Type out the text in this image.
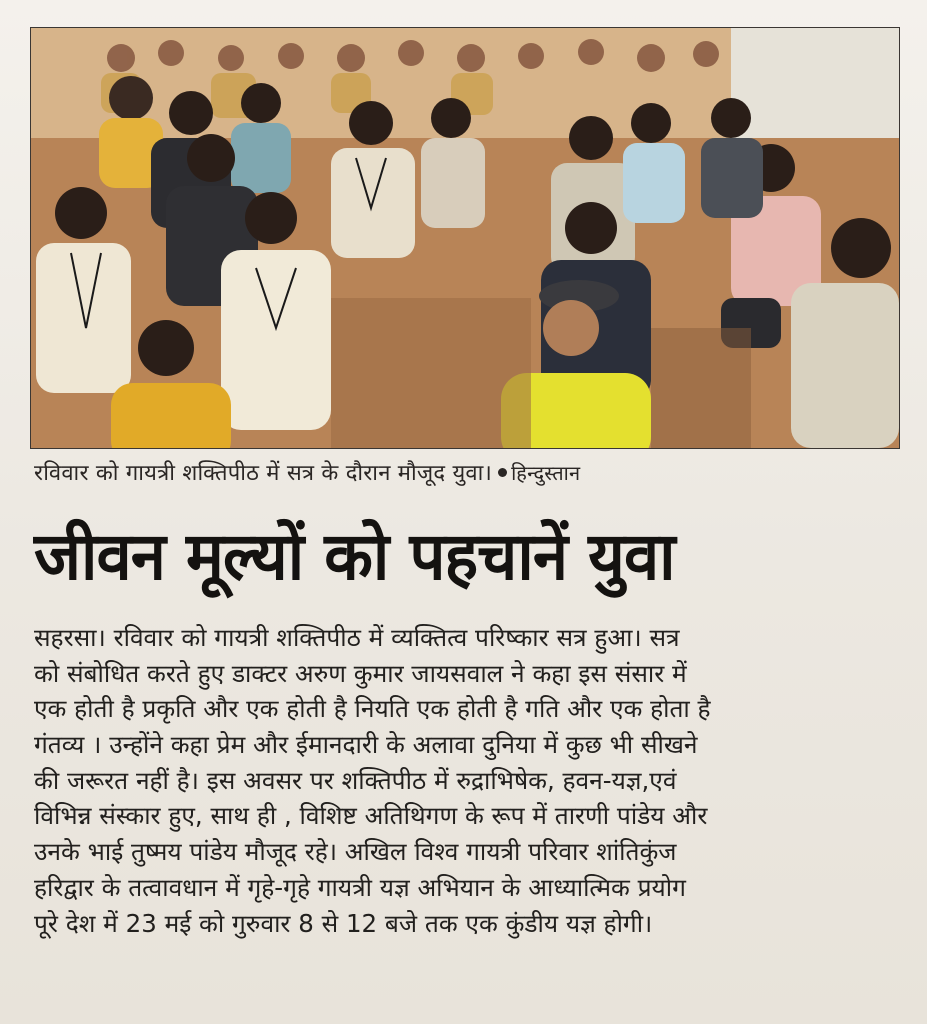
रविवार को गायत्री शक्तिपीठ में सत्र के दौरान मौजूद युवा। हिन्दुस्तान
जीवन मूल्यों को पहचानें युवा
सहरसा। रविवार को गायत्री शक्तिपीठ में व्यक्तित्व परिष्कार सत्र हुआ। सत्र
को संबोधित करते हुए डाक्टर अरुण कुमार जायसवाल ने कहा इस संसार में
एक होती है प्रकृति और एक होती है नियति एक होती है गति और एक होता है
गंतव्य । उन्होंने कहा प्रेम और ईमानदारी के अलावा दुनिया में कुछ भी सीखने
की जरूरत नहीं है। इस अवसर पर शक्तिपीठ में रुद्राभिषेक, हवन-यज्ञ,एवं
विभिन्न संस्कार हुए, साथ ही , विशिष्ट अतिथिगण के रूप में तारणी पांडेय और
उनके भाई तुष्मय पांडेय मौजूद रहे। अखिल विश्व गायत्री परिवार शांतिकुंज
हरिद्वार के तत्वावधान में गृहे-गृहे गायत्री यज्ञ अभियान के आध्यात्मिक प्रयोग
पूरे देश में 23 मई को गुरुवार 8 से 12 बजे तक एक कुंडीय यज्ञ होगी।
